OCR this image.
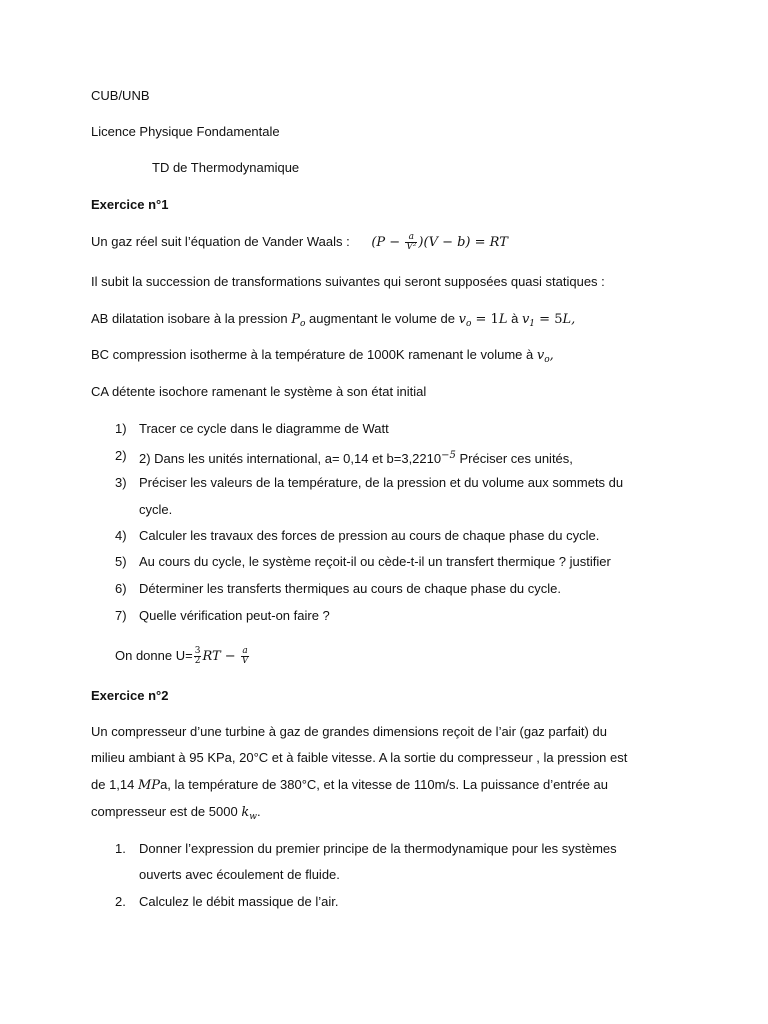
CUB/UNB
Licence Physique Fondamentale
TD de Thermodynamique
Exercice n°1
Un gaz réel suit l’équation de Vander Waals : $(P - \frac{a}{\text{V²}} )(V - b)$ = RT
Il subit la succession de transformations suivantes qui seront supposées quasi statiques :
AB dilatation isobare à la pression $P_o$ augmentant le volume de $v_o = 1L$ à $v_1 = 5L$,
BC compression isotherme à la température de 1000K ramenant le volume à $v_o$,
CA détente isochore ramenant le système à son état initial
1) Tracer ce cycle dans le diagramme de Watt
2) 2) Dans les unités international, a= 0,14 et $b=3,2210^{-5}$ Préciser ces unités,
3) Préciser les valeurs de la température, de la pression et du volume aux sommets du
cycle.
4) Calculer les travaux des forces de pression au cours de chaque phase du cycle.
5) Au cours du cycle, le système reçoit-il ou cède-t-il un transfert thermique ? justifier
6) Déterminer les transferts thermiques au cours de chaque phase du cycle.
7) Quelle vérification peut-on faire ?
On donne $U= \frac{3}{2}$ RT − $\frac{a}{V}$
Exercice n°2
Un compresseur d’une turbine à gaz de grandes dimensions reçoit de l’air (gaz parfait) du
milieu ambiant à 95 KPa, 20°C et à faible vitesse. A la sortie du compresseur , la pression est
de 1,14 MPa, la température de 380°C, et la vitesse de 110m/s. La puissance d’entrée au
compresseur est de 5000 $k_w$.
1. Donner l’expression du premier principe de la thermodynamique pour les systèmes
ouverts avec écoulement de fluide.
2. Calculez le débit massique de l’air.
